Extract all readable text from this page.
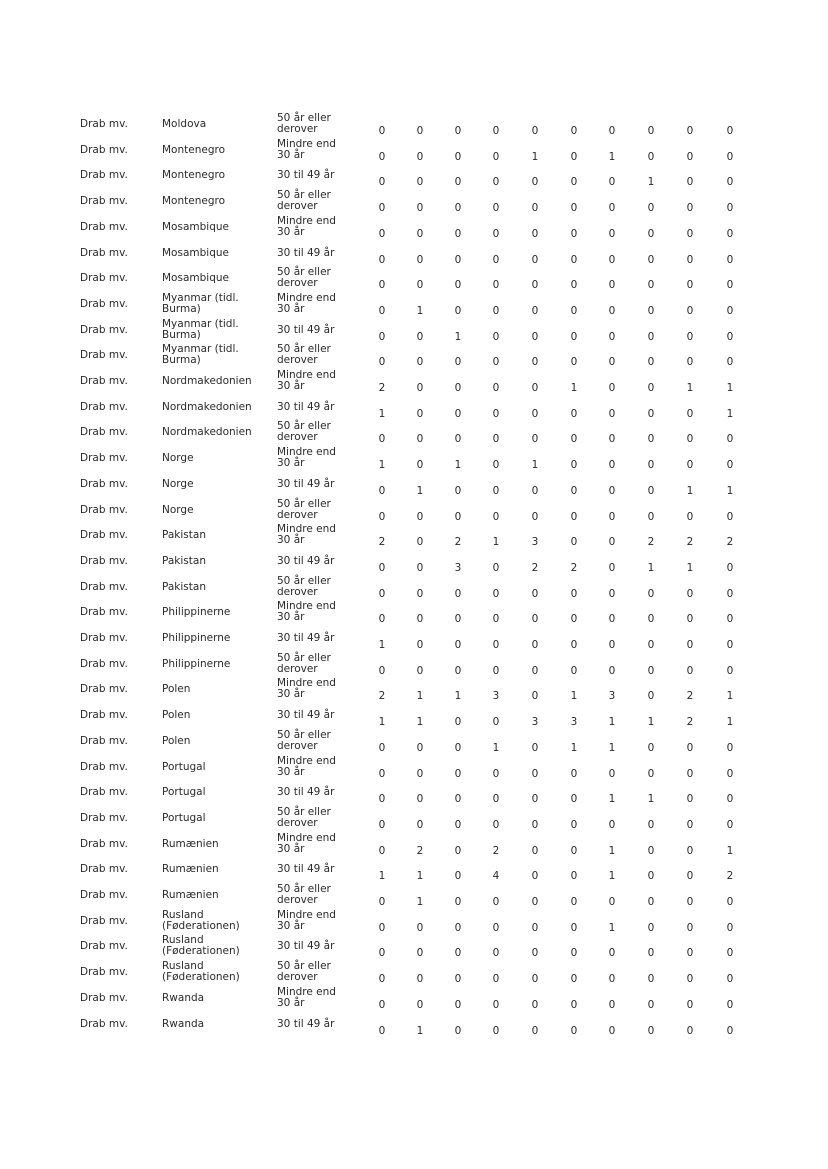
Drab mv.	Moldova	50 år eller
derover	0	0	0	0	0	0	0	0	0	0
Drab mv.	Montenegro	Mindre end
30 år	0	0	0	0	1	0	1	0	0	0
Drab mv.	Montenegro	30 til 49 år
0	0	0	0	0	0	0	1	0	0
Drab mv.	Montenegro	50 år eller
derover	0	0	0	0	0	0	0	0	0	0
Drab mv.	Mosambique	Mindre end
30 år	0	0	0	0	0	0	0	0	0	0
Drab mv.	Mosambique	30 til 49 år
0	0	0	0	0	0	0	0	0	0
Drab mv.	Mosambique	50 år eller
derover	0	0	0	0	0	0	0	0	0	0
Drab mv.	Myanmar (tidl.
Burma)
Mindre end
30 år	0	1	0	0	0	0	0	0	0	0
Drab mv.	Myanmar (tidl.
Burma)	30 til 49 år
0	0	1	0	0	0	0	0	0	0
Drab mv.	Myanmar (tidl.
Burma)
50 år eller
derover	0	0	0	0	0	0	0	0	0	0
Drab mv.	Nordmakedonien Mindre end
30 år	2	0	0	0	0	1	0	0	1	1
Drab mv.	Nordmakedonien 30 til 49 år
1	0	0	0	0	0	0	0	0	1
Drab mv.	Nordmakedonien 50 år eller
derover	0	0	0	0	0	0	0	0	0	0
Drab mv.	Norge	Mindre end
30 år	1	0	1	0	1	0	0	0	0	0
Drab mv.	Norge	30 til 49 år
0	1	0	0	0	0	0	0	1	1
Drab mv.	Norge	50 år eller
derover	0	0	0	0	0	0	0	0	0	0
Drab mv.	Pakistan	Mindre end
30 år	2	0	2	1	3	0	0	2	2	2
Drab mv.	Pakistan	30 til 49 år
0	0	3	0	2	2	0	1	1	0
Drab mv.	Pakistan	50 år eller
derover	0	0	0	0	0	0	0	0	0	0
Drab mv.	Philippinerne	Mindre end
30 år	0	0	0	0	0	0	0	0	0	0
Drab mv.	Philippinerne	30 til 49 år
1	0	0	0	0	0	0	0	0	0
Drab mv.	Philippinerne	50 år eller
derover	0	0	0	0	0	0	0	0	0	0
Drab mv.	Polen	Mindre end
30 år	2	1	1	3	0	1	3	0	2	1
Drab mv.	Polen	30 til 49 år
1	1	0	0	3	3	1	1	2	1
Drab mv.	Polen	50 år eller
derover	0	0	0	1	0	1	1	0	0	0
Drab mv.	Portugal	Mindre end
30 år	0	0	0	0	0	0	0	0	0	0
Drab mv.	Portugal	30 til 49 år
0	0	0	0	0	0	1	1	0	0
Drab mv.	Portugal	50 år eller
derover	0	0	0	0	0	0	0	0	0	0
Drab mv.	Rumænien	Mindre end
30 år	0	2	0	2	0	0	1	0	0	1
Drab mv.	Rumænien	30 til 49 år
1	1	0	4	0	0	1	0	0	2
Drab mv.	Rumænien	50 år eller
derover	0	1	0	0	0	0	0	0	0	0
Drab mv.	Rusland
(Føderationen)
Mindre end
30 år	0	0	0	0	0	0	1	0	0	0
Drab mv.	Rusland
(Føderationen)	30 til 49 år
0	0	0	0	0	0	0	0	0	0
Drab mv.	Rusland
(Føderationen)
50 år eller
derover	0	0	0	0	0	0	0	0	0	0
Drab mv.	Rwanda	Mindre end
30 år	0	0	0	0	0	0	0	0	0	0
Drab mv.	Rwanda	30 til 49 år
0	1	0	0	0	0	0	0	0	0
